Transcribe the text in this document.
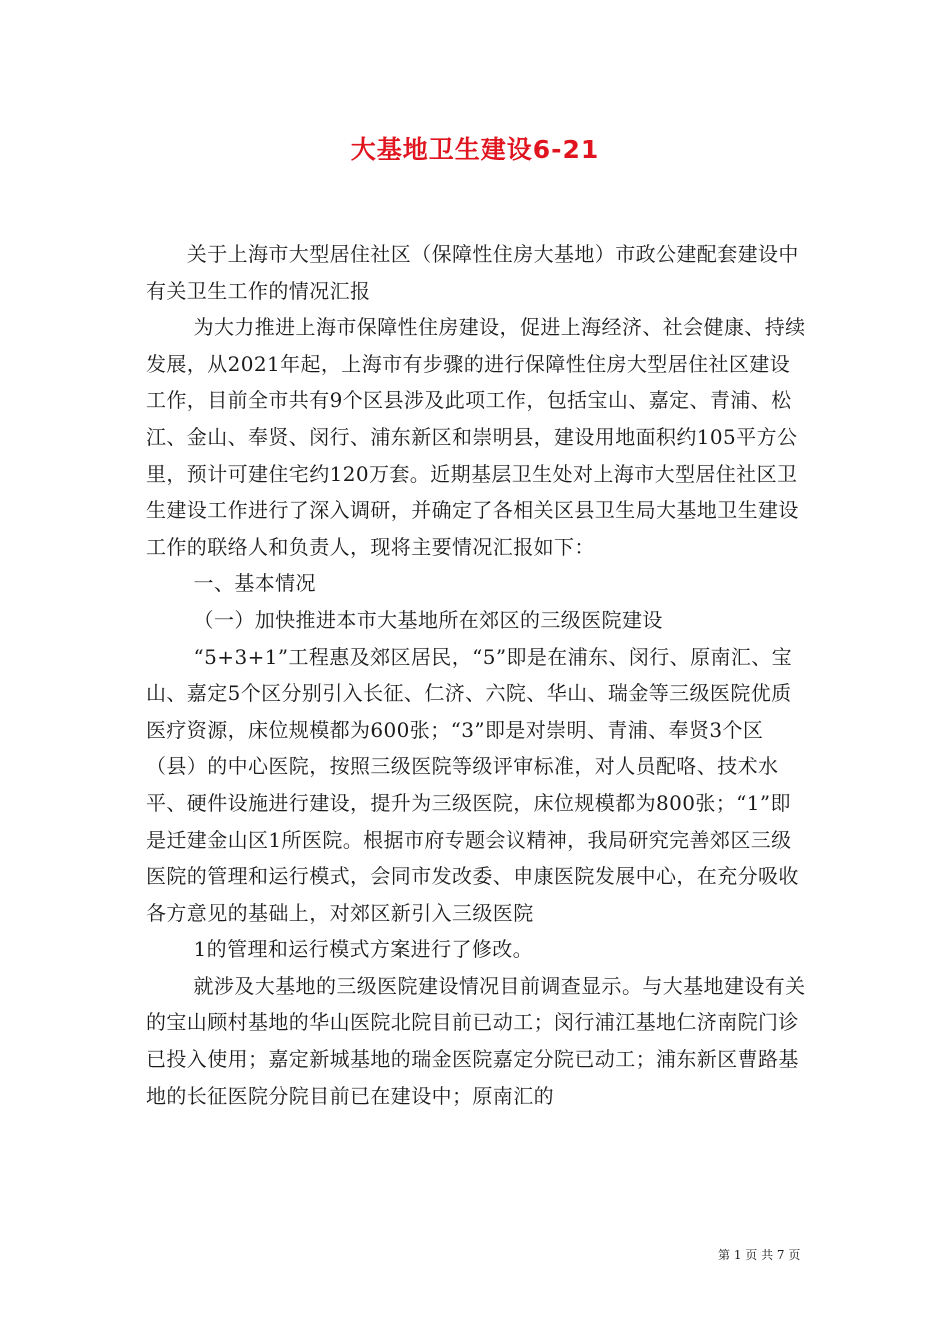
大基地卫生建设6-21

　　关于上海市大型居住社区（保障性住房大基地）市政公建配套建设中有关卫生工作的情况汇报

　　 为大力推进上海市保障性住房建设，促进上海经济、社会健康、持续发展，从2021年起，上海市有步骤的进行保障性住房大型居住社区建设工作，目前全市共有9个区县涉及此项工作，包括宝山、嘉定、青浦、松江、金山、奉贤、闵行、浦东新区和崇明县，建设用地面积约105平方公里，预计可建住宅约120万套。近期基层卫生处对上海市大型居住社区卫生建设工作进行了深入调研，并确定了各相关区县卫生局大基地卫生建设工作的联络人和负责人，现将主要情况汇报如下：

　　 一、基本情况

　　 （一）加快推进本市大基地所在郊区的三级医院建设

　　 “5+3+1”工程惠及郊区居民，“5”即是在浦东、闵行、原南汇、宝山、嘉定5个区分别引入长征、仁济、六院、华山、瑞金等三级医院优质医疗资源，床位规模都为600张；“3”即是对崇明、青浦、奉贤3个区（县）的中心医院，按照三级医院等级评审标准，对人员配咯、技术水平、硬件设施进行建设，提升为三级医院，床位规模都为800张；“1”即是迁建金山区1所医院。根据市府专题会议精神，我局研究完善郊区三级医院的管理和运行模式，会同市发改委、申康医院发展中心，在充分吸收各方意见的基础上，对郊区新引入三级医院

　　 1的管理和运行模式方案进行了修改。

　　 就涉及大基地的三级医院建设情况目前调查显示。与大基地建设有关的宝山顾村基地的华山医院北院目前已动工；闵行浦江基地仁济南院门诊已投入使用；嘉定新城基地的瑞金医院嘉定分院已动工；浦东新区曹路基地的长征医院分院目前已在建设中；原南汇的

第 1 页 共 7 页
